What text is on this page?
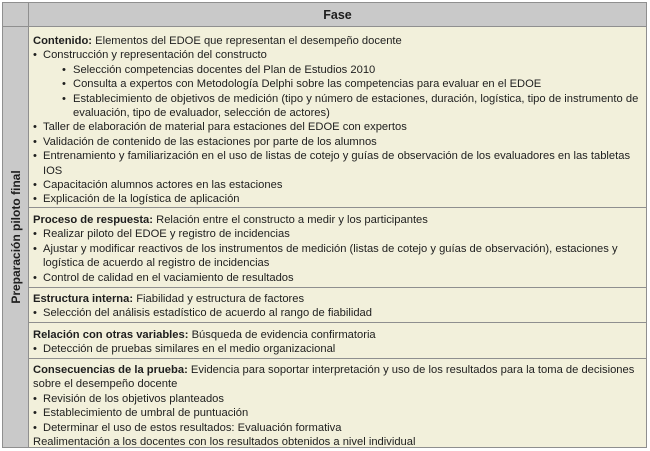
Fase
Preparación piloto final
Contenido: Elementos del EDOE que representan el desempeño docente
• Construcción y representación del constructo
• Selección competencias docentes del Plan de Estudios 2010
• Consulta a expertos con Metodología Delphi sobre las competencias para evaluar en el EDOE
• Establecimiento de objetivos de medición (tipo y número de estaciones, duración, logística, tipo de instrumento de
evaluación, tipo de evaluador, selección de actores)
• Taller de elaboración de material para estaciones del EDOE con expertos
• Validación de contenido de las estaciones por parte de los alumnos
• Entrenamiento y familiarización en el uso de listas de cotejo y guías de observación de los evaluadores en las tabletas
IOS
• Capacitación alumnos actores en las estaciones
• Explicación de la logística de aplicación
Proceso de respuesta: Relación entre el constructo a medir y los participantes
• Realizar piloto del EDOE y registro de incidencias
• Ajustar y modificar reactivos de los instrumentos de medición (listas de cotejo y guías de observación), estaciones y
logística de acuerdo al registro de incidencias
• Control de calidad en el vaciamiento de resultados
Estructura interna: Fiabilidad y estructura de factores
• Selección del análisis estadístico de acuerdo al rango de fiabilidad
Relación con otras variables: Búsqueda de evidencia confirmatoria
• Detección de pruebas similares en el medio organizacional
Consecuencias de la prueba: Evidencia para soportar interpretación y uso de los resultados para la toma de decisiones
sobre el desempeño docente
• Revisión de los objetivos planteados
• Establecimiento de umbral de puntuación
• Determinar el uso de estos resultados: Evaluación formativa
Realimentación a los docentes con los resultados obtenidos a nivel individual
